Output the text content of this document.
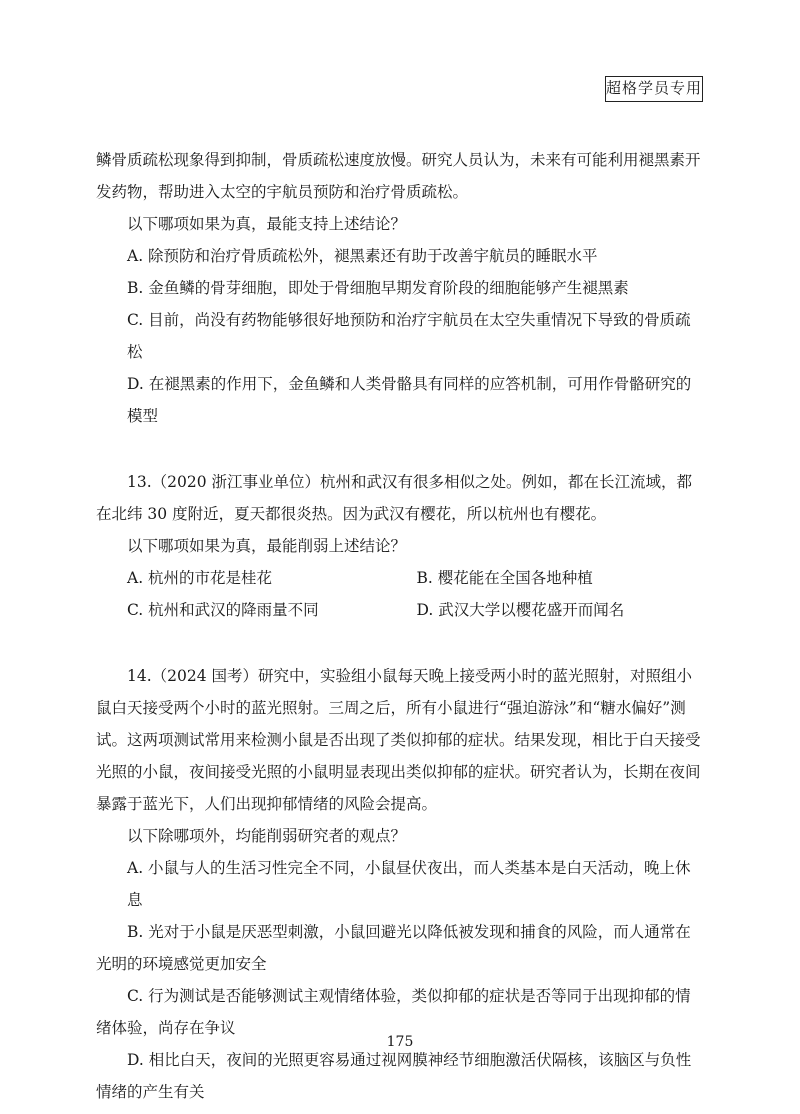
超格学员专用

鳞骨质疏松现象得到抑制，骨质疏松速度放慢。研究人员认为，未来有可能利用褪黑素开发药物，帮助进入太空的宇航员预防和治疗骨质疏松。

以下哪项如果为真，最能支持上述结论？

A. 除预防和治疗骨质疏松外，褪黑素还有助于改善宇航员的睡眠水平

B. 金鱼鳞的骨芽细胞，即处于骨细胞早期发育阶段的细胞能够产生褪黑素

C. 目前，尚没有药物能够很好地预防和治疗宇航员在太空失重情况下导致的骨质疏松

D. 在褪黑素的作用下，金鱼鳞和人类骨骼具有同样的应答机制，可用作骨骼研究的模型

13.（2020 浙江事业单位）杭州和武汉有很多相似之处。例如，都在长江流域，都在北纬 30 度附近，夏天都很炎热。因为武汉有樱花，所以杭州也有樱花。

以下哪项如果为真，最能削弱上述结论？

A. 杭州的市花是桂花	B. 樱花能在全国各地种植
C. 杭州和武汉的降雨量不同	D. 武汉大学以樱花盛开而闻名

14.（2024 国考）研究中，实验组小鼠每天晚上接受两小时的蓝光照射，对照组小鼠白天接受两个小时的蓝光照射。三周之后，所有小鼠进行“强迫游泳”和“糖水偏好”测试。这两项测试常用来检测小鼠是否出现了类似抑郁的症状。结果发现，相比于白天接受光照的小鼠，夜间接受光照的小鼠明显表现出类似抑郁的症状。研究者认为，长期在夜间暴露于蓝光下，人们出现抑郁情绪的风险会提高。

以下除哪项外，均能削弱研究者的观点？

A. 小鼠与人的生活习性完全不同，小鼠昼伏夜出，而人类基本是白天活动，晚上休息

B. 光对于小鼠是厌恶型刺激，小鼠回避光以降低被发现和捕食的风险，而人通常在光明的环境感觉更加安全

C. 行为测试是否能够测试主观情绪体验，类似抑郁的症状是否等同于出现抑郁的情绪体验，尚存在争议

D. 相比白天，夜间的光照更容易通过视网膜神经节细胞激活伏隔核，该脑区与负性情绪的产生有关

175
